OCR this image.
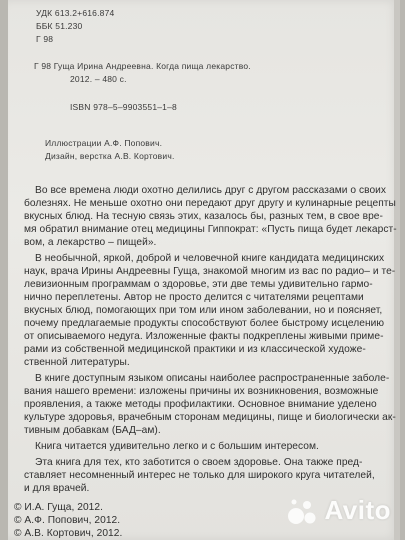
УДК 613.2+616.874
ББК 51.230
Г 98
Г 98 Гуща Ирина Андреевна. Когда пища лекарство.
2012. – 480 с.
ISBN 978–5–9903551–1–8
Иллюстрации А.Ф. Попович.
Дизайн, верстка А.В. Кортович.
Во все времена люди охотно делились друг с другом рассказами о своих
болезнях. Не меньше охотно они передают друг другу и кулинарные рецепты
вкусных блюд. На тесную связь этих, казалось бы, разных тем, в свое вре-
мя обратил внимание отец медицины Гиппократ: «Пусть пища будет лекарст-
вом, а лекарство – пищей».
В необычной, яркой, доброй и человечной книге кандидата медицинских
наук, врача Ирины Андреевны Гуща, знакомой многим из вас по радио– и те-
левизионным программам о здоровье, эти две темы удивительно гармо-
нично переплетены. Автор не просто делится с читателями рецептами
вкусных блюд, помогающих при том или ином заболевании, но и поясняет,
почему предлагаемые продукты способствуют более быстрому исцелению
от описываемого недуга. Изложенные факты подкреплены живыми приме-
рами из собственной медицинской практики и из классической художе-
ственной литературы.
В книге доступным языком описаны наиболее распространенные заболе-
вания нашего времени: изложены причины их возникновения, возможные
проявления, а также методы профилактики. Основное внимание уделено
культуре здоровья, врачебным сторонам медицины, пище и биологически ак-
тивным добавкам (БАД–ам).
Книга читается удивительно легко и с большим интересом.
Эта книга для тех, кто заботится о своем здоровье. Она также пред-
ставляет несомненный интерес не только для широкого круга читателей,
и для врачей.
© И.А. Гуща, 2012.
© А.Ф. Попович, 2012.
© А.В. Кортович, 2012.
Avito
